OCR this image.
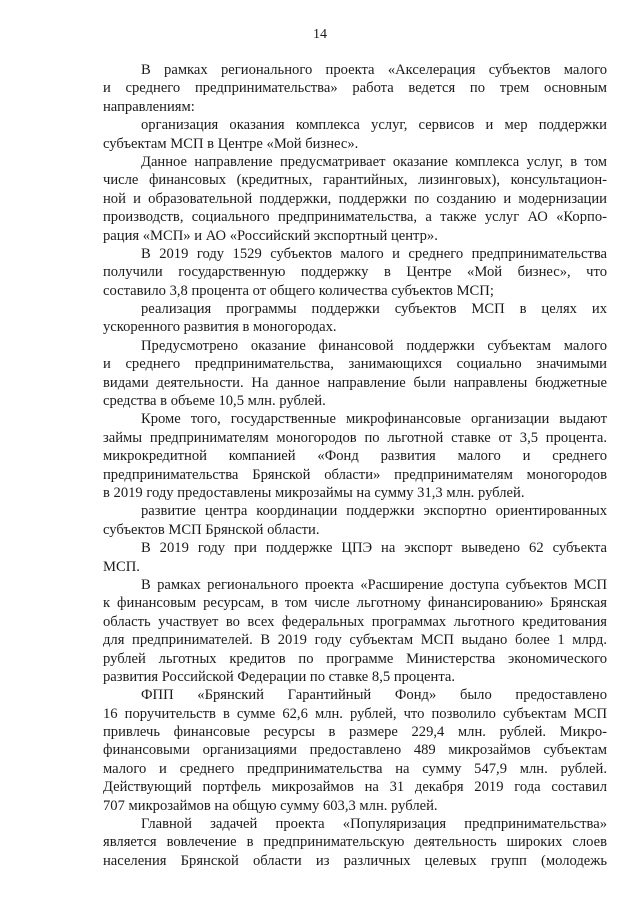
14
В рамках регионального проекта «Акселерация субъектов малого
и среднего предпринимательства» работа ведется по трем основным
направлениям:
организация оказания комплекса услуг, сервисов и мер поддержки
субъектам МСП в Центре «Мой бизнес».
Данное направление предусматривает оказание комплекса услуг, в том
числе финансовых (кредитных, гарантийных, лизинговых), консультацион-
ной и образовательной поддержки, поддержки по созданию и модернизации
производств, социального предпринимательства, а также услуг АО «Корпо-
рация «МСП» и АО «Российский экспортный центр».
В 2019 году 1529 субъектов малого и среднего предпринимательства
получили государственную поддержку в Центре «Мой бизнес», что
составило 3,8 процента от общего количества субъектов МСП;
реализация программы поддержки субъектов МСП в целях их
ускоренного развития в моногородах.
Предусмотрено оказание финансовой поддержки субъектам малого
и среднего предпринимательства, занимающихся социально значимыми
видами деятельности. На данное направление были направлены бюджетные
средства в объеме 10,5 млн. рублей.
Кроме того, государственные микрофинансовые организации выдают
займы предпринимателям моногородов по льготной ставке от 3,5 процента.
микрокредитной компанией «Фонд развития малого и среднего
предпринимательства Брянской области» предпринимателям моногородов
в 2019 году предоставлены микрозаймы на сумму 31,3 млн. рублей.
развитие центра координации поддержки экспортно ориентированных
субъектов МСП Брянской области.
В 2019 году при поддержке ЦПЭ на экспорт выведено 62 субъекта
МСП.
В рамках регионального проекта «Расширение доступа субъектов МСП
к финансовым ресурсам, в том числе льготному финансированию» Брянская
область участвует во всех федеральных программах льготного кредитования
для предпринимателей. В 2019 году субъектам МСП выдано более 1 млрд.
рублей льготных кредитов по программе Министерства экономического
развития Российской Федерации по ставке 8,5 процента.
ФПП «Брянский Гарантийный Фонд» было предоставлено
16 поручительств в сумме 62,6 млн. рублей, что позволило субъектам МСП
привлечь финансовые ресурсы в размере 229,4 млн. рублей. Микро-
финансовыми организациями предоставлено 489 микрозаймов субъектам
малого и среднего предпринимательства на сумму 547,9 млн. рублей.
Действующий портфель микрозаймов на 31 декабря 2019 года составил
707 микрозаймов на общую сумму 603,3 млн. рублей.
Главной задачей проекта «Популяризация предпринимательства»
является вовлечение в предпринимательскую деятельность широких слоев
населения Брянской области из различных целевых групп (молодежь
